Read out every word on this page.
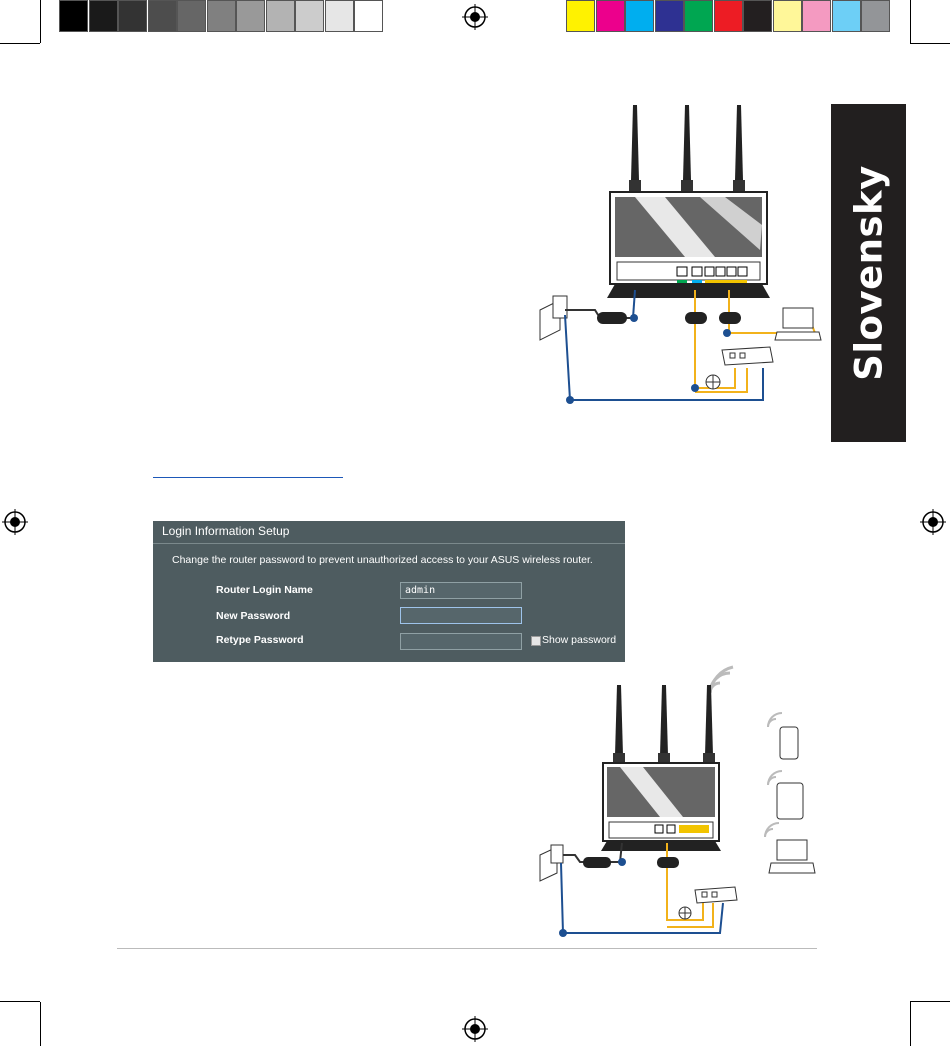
Slovensky
Login Information Setup
Change the router password to prevent unauthorized access to your ASUS wireless router.
Router Login Name	admin
New Password
Retype Password	Show password
